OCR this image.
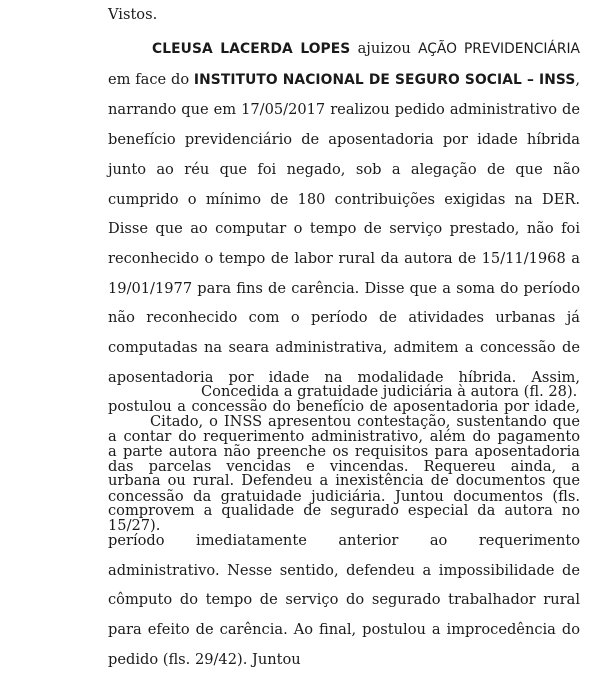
Vistos.

CLEUSA LACERDA LOPES ajuizou AÇÃO PREVIDENCIÁRIA em face do INSTITUTO NACIONAL DE SEGURO SOCIAL – INSS, narrando que em 17/05/2017 realizou pedido administrativo de benefício previdenciário de aposentadoria por idade híbrida junto ao réu que foi negado, sob a alegação de que não cumprido o mínimo de 180 contribuições exigidas na DER. Disse que ao computar o tempo de serviço prestado, não foi reconhecido o tempo de labor rural da autora de 15/11/1968 a 19/01/1977 para fins de carência. Disse que a soma do período não reconhecido com o período de atividades urbanas já computadas na seara administrativa, admitem a concessão de aposentadoria por idade na modalidade híbrida. Assim, postulou a concessão do benefício de aposentadoria por idade, a contar do requerimento administrativo, além do pagamento das parcelas vencidas e vincendas. Requereu ainda, a concessão da gratuidade judiciária. Juntou documentos (fls. 15/27).

Concedida a gratuidade judiciária à autora (fl. 28).

Citado, o INSS apresentou contestação, sustentando que a parte autora não preenche os requisitos para aposentadoria urbana ou rural. Defendeu a inexistência de documentos que comprovem a qualidade de segurado especial da autora no período imediatamente anterior ao requerimento administrativo. Nesse sentido, defendeu a impossibilidade de cômputo do tempo de serviço do segurado trabalhador rural para efeito de carência. Ao final, postulou a improcedência do pedido (fls. 29/42). Juntou
